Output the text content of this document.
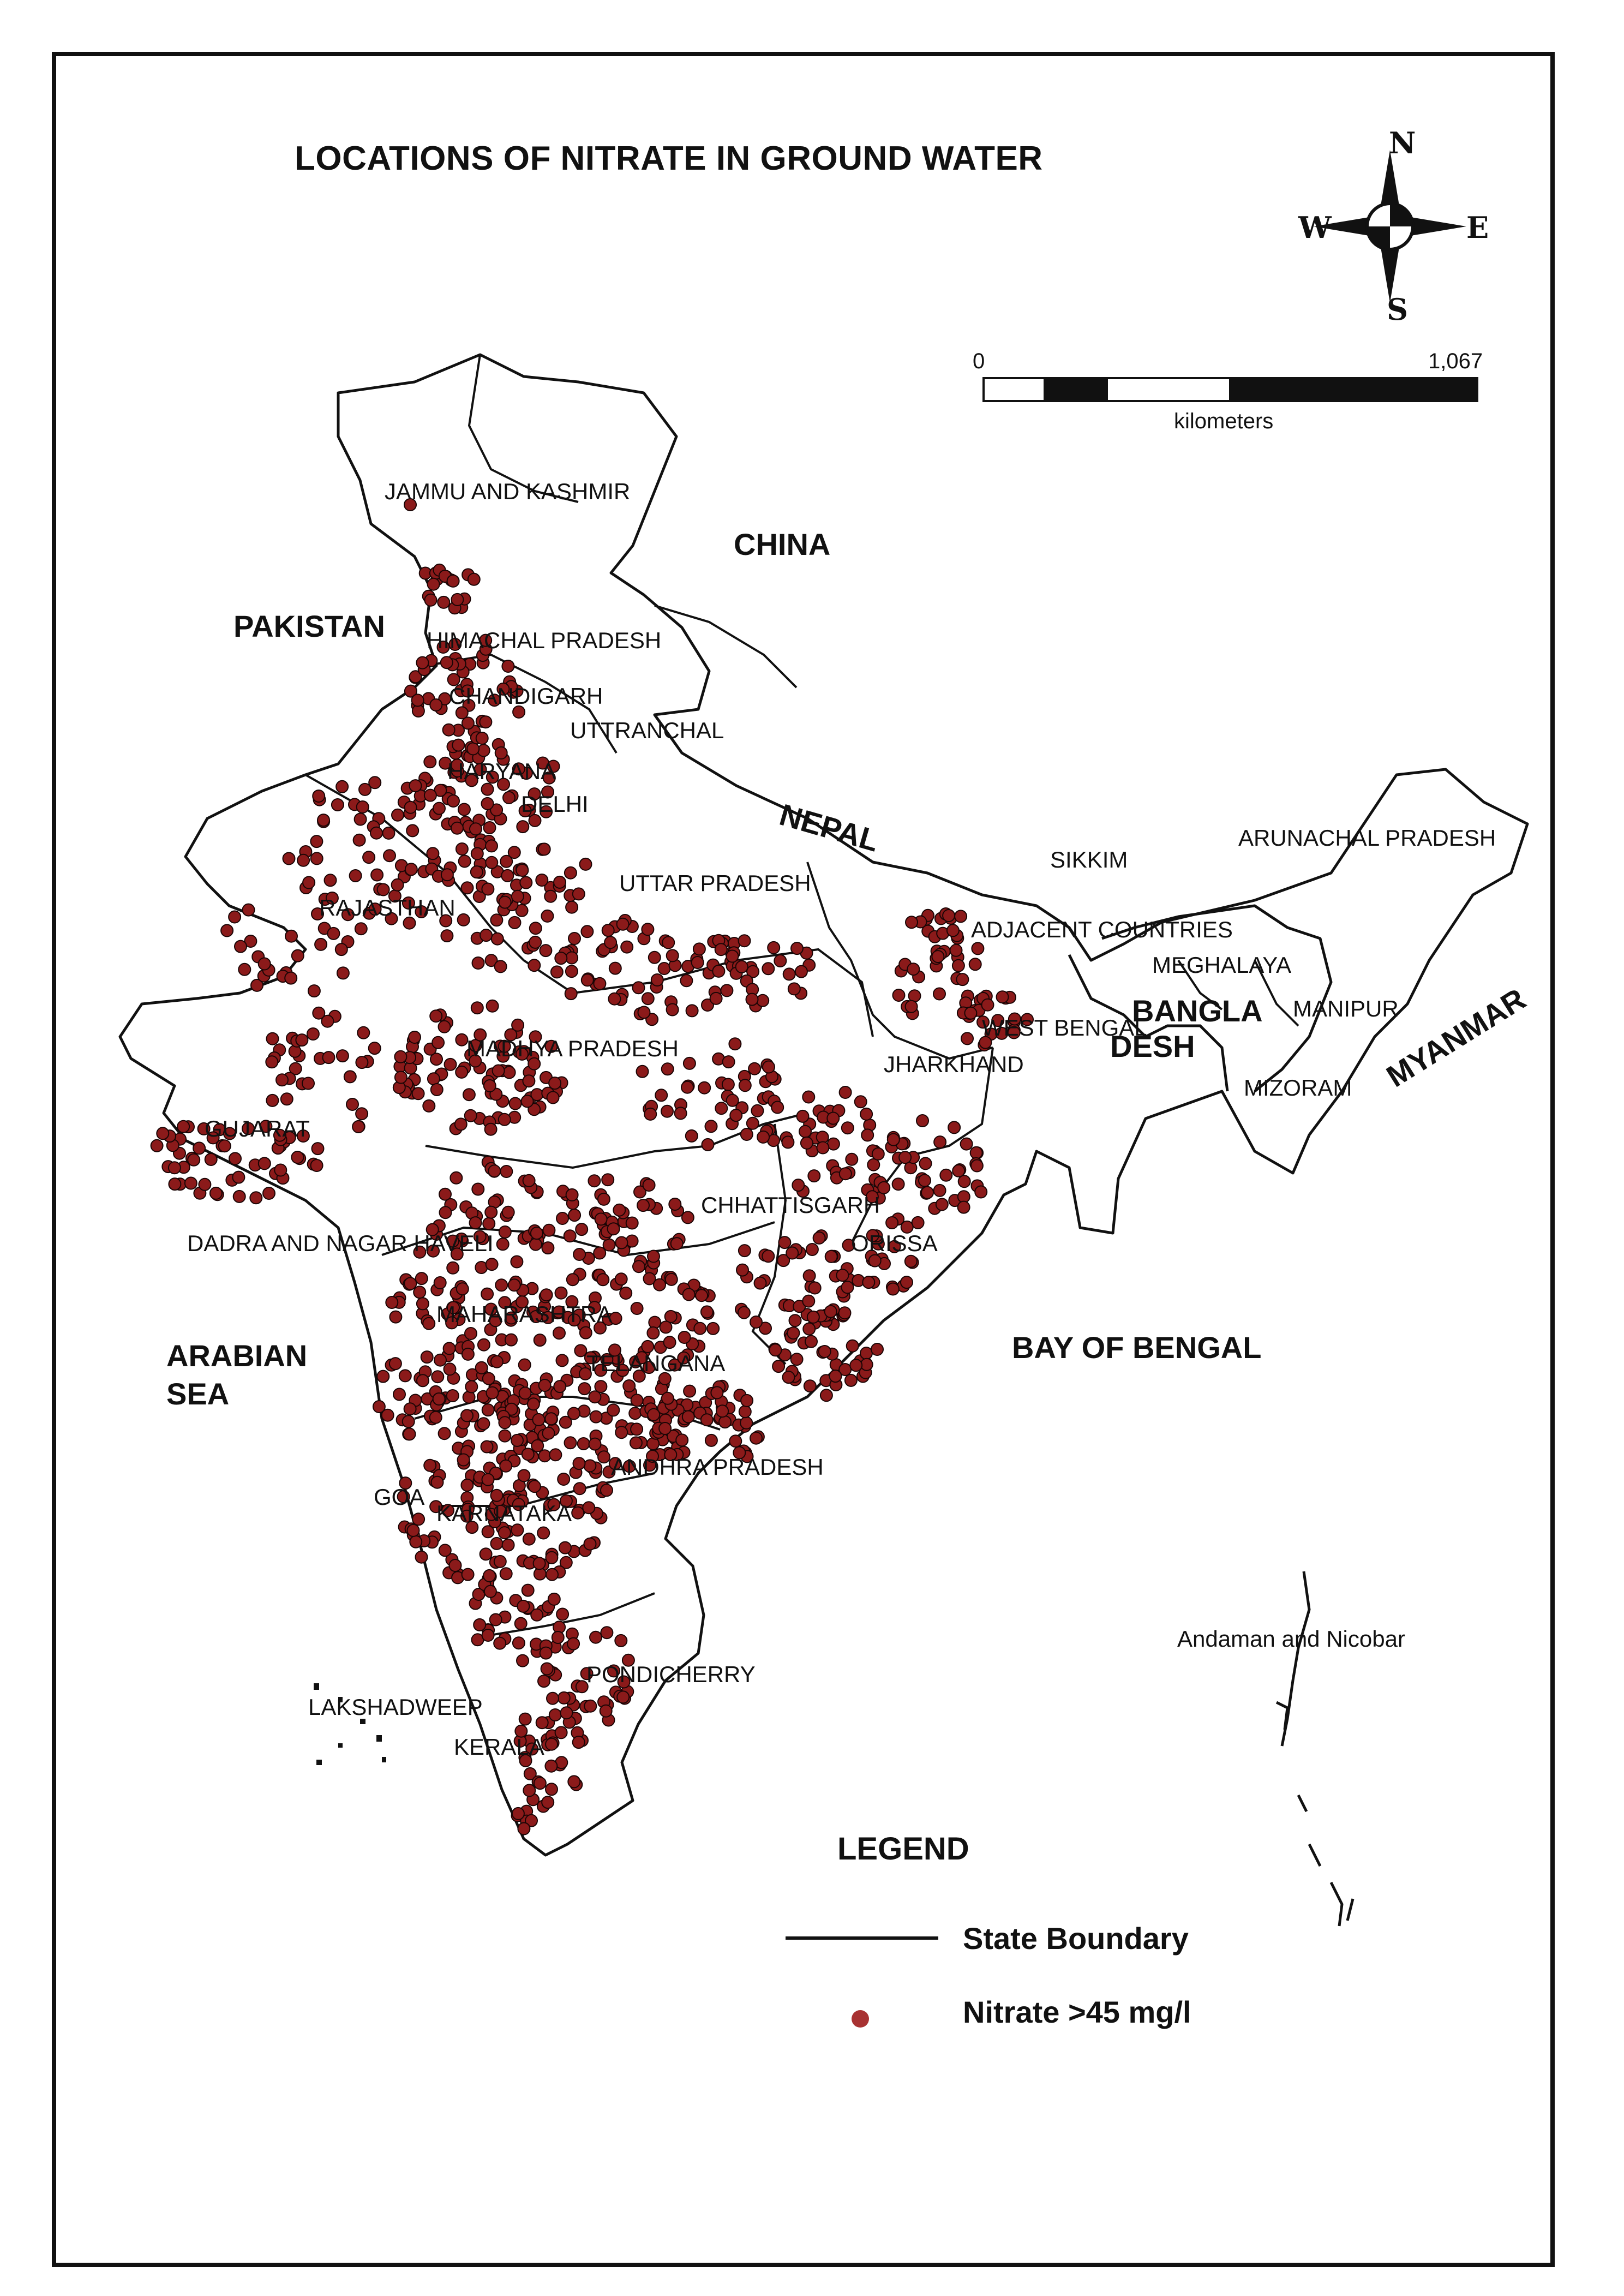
LOCATIONS OF NITRATE IN GROUND WATER	N
S
E
W
0	1,067
kilometers
CHINA
PAKISTAN
NEPAL
BANGLA
DESH	MYANMAR
ARABIAN
SEA
BAY OF BENGAL
JAMMU AND KASHMIR
HIMACHAL PRADESH
CHANDIGARH
UTTRANCHAL
HARYANA
DELHI
UTTAR PRADESH
RAJASTHAN
SIKKIM
ARUNACHAL PRADESH
ADJACENT COUNTRIES
MEGHALAYA
MANIPUR
MIZORAM
WEST BENGAL
JHARKHAND
MADHYA PRADESH
GUJARAT
CHHATTISGARH
ORISSA
DADRA AND NAGAR HAVELI
MAHARASHTRA
TELANGANA
ANDHRA PRADESH
GOA
KARNATAKA
Andaman and Nicobar
PONDICHERRY
LAKSHADWEEP
KERALA
LEGEND
State Boundary
Nitrate >45 mg/l
